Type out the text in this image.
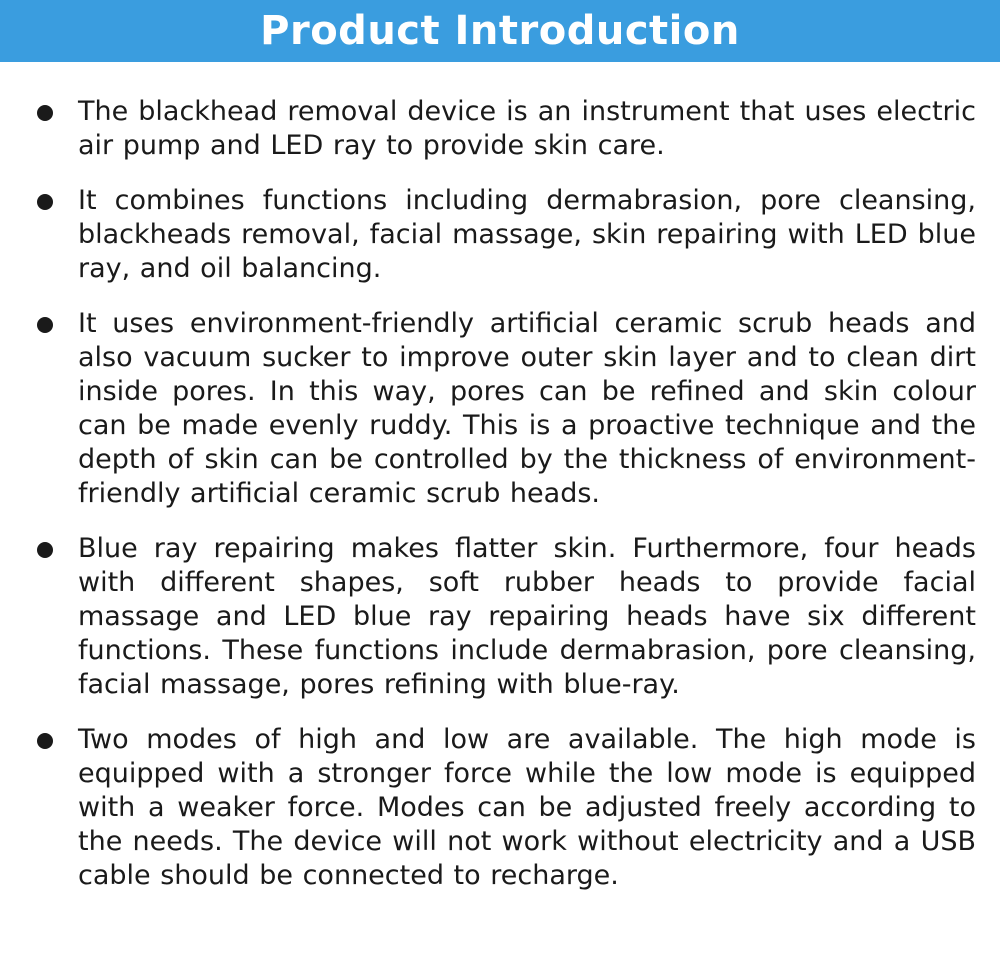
Product Introduction

The blackhead removal device is an instrument that uses electric air pump and LED ray to provide skin care.

It combines functions including dermabrasion, pore cleansing, blackheads removal, facial massage, skin repairing with LED blue ray, and oil balancing.

It uses environment-friendly artificial ceramic scrub heads and also vacuum sucker to improve outer skin layer and to clean dirt inside pores. In this way, pores can be refined and skin colour can be made evenly ruddy. This is a proactive technique and the depth of skin can be controlled by the thickness of environment-friendly artificial ceramic scrub heads.

Blue ray repairing makes flatter skin. Furthermore, four heads with different shapes, soft rubber heads to provide facial massage and LED blue ray repairing heads have six different functions. These functions include dermabrasion, pore cleansing, facial massage, pores refining with blue-ray.

Two modes of high and low are available. The high mode is equipped with a stronger force while the low mode is equipped with a weaker force. Modes can be adjusted freely according to the needs. The device will not work without electricity and a USB cable should be connected to recharge.
